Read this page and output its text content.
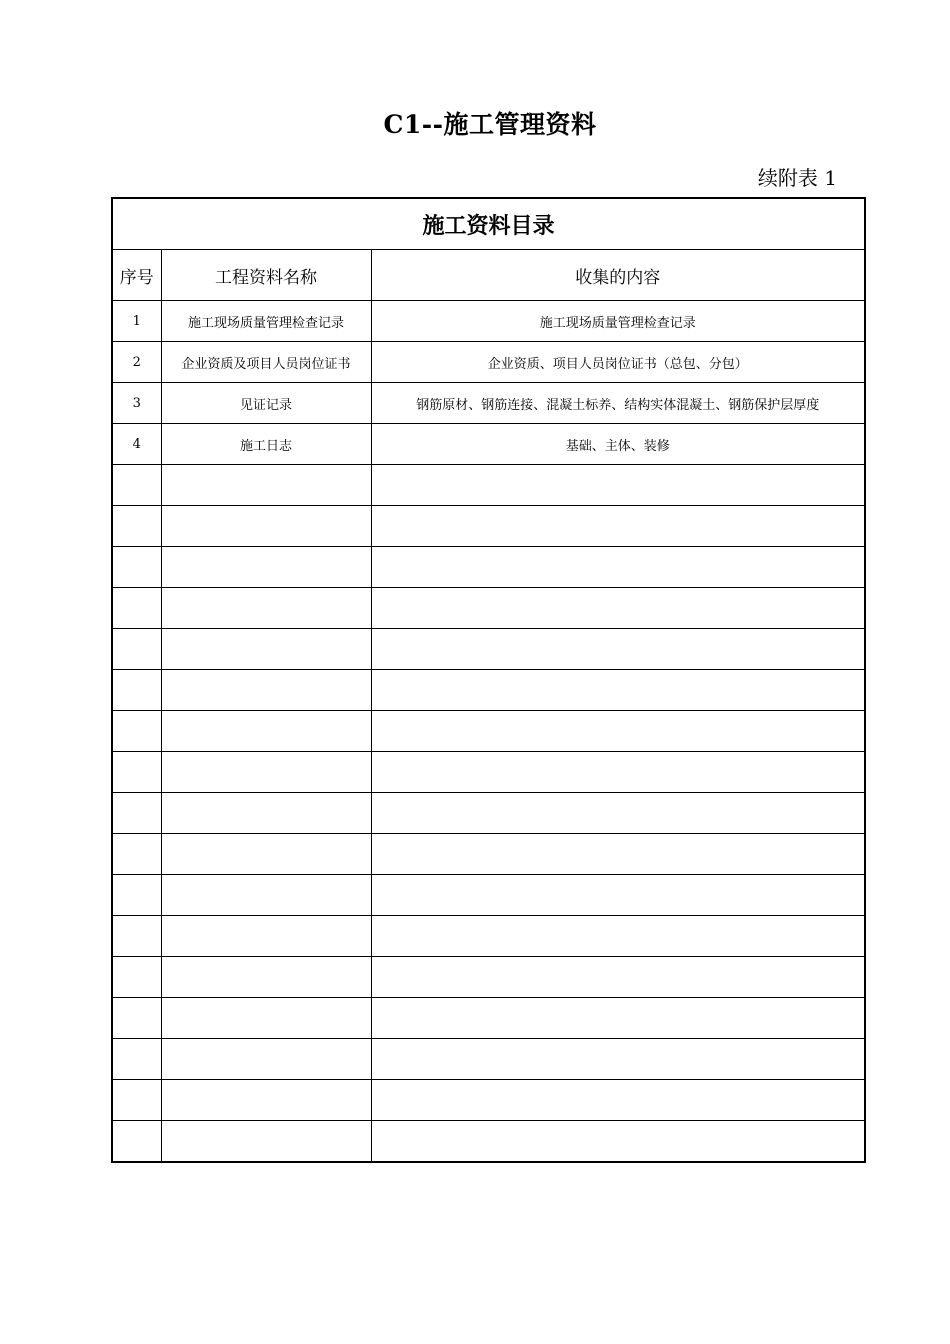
C1--施工管理资料
续附表 1
施工资料目录		
序号	工程资料名称	收集的内容
1	施工现场质量管理检查记录	施工现场质量管理检查记录
2	企业资质及项目人员岗位证书	企业资质、项目人员岗位证书（总包、分包）
3	见证记录	钢筋原材、钢筋连接、混凝土标养、结构实体混凝土、钢筋保护层厚度
4	施工日志	基础、主体、装修
